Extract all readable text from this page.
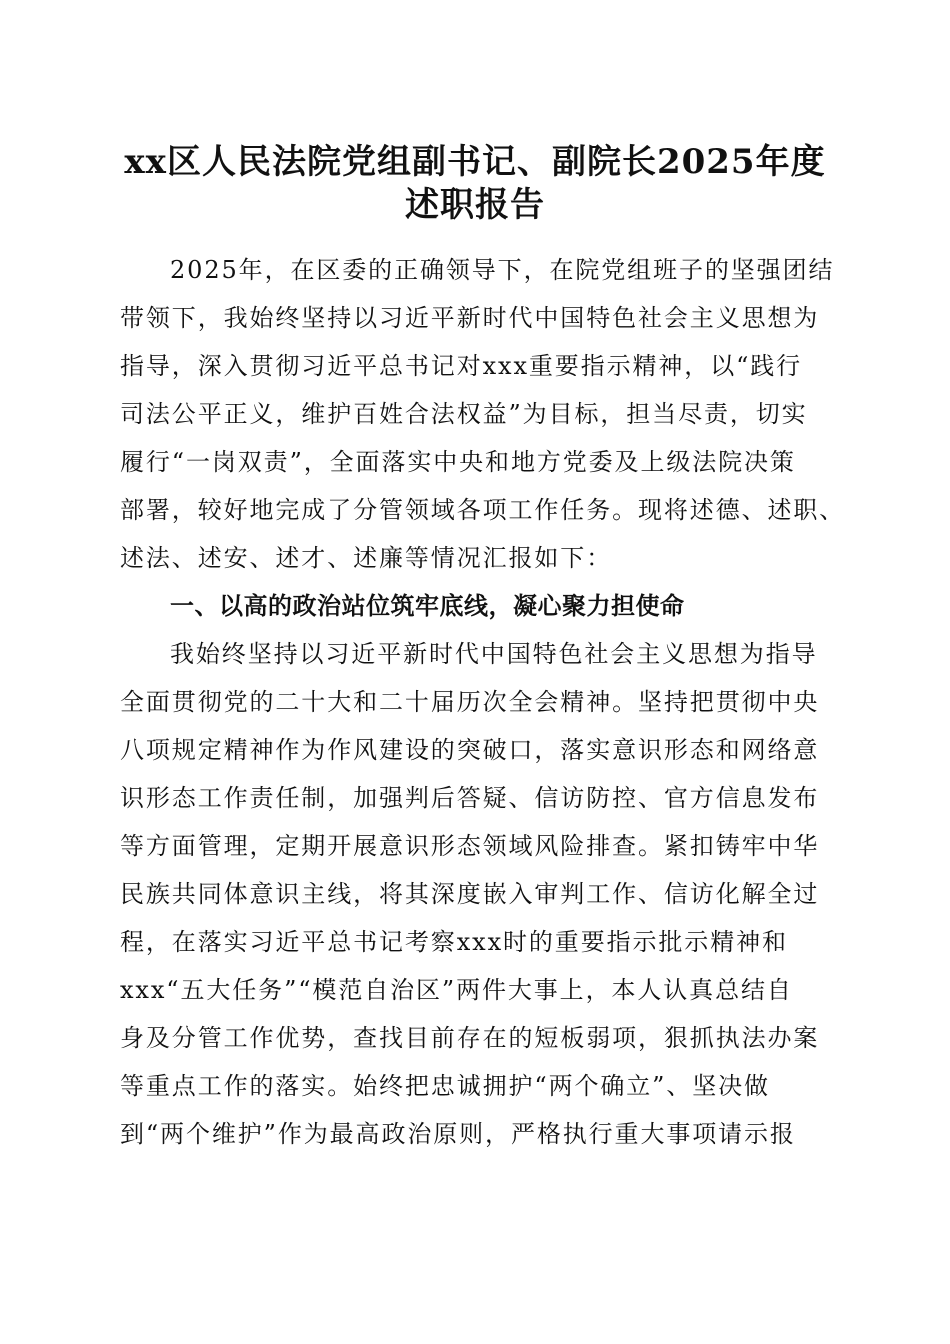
xx区人民法院党组副书记、副院长2025年度
述职报告
2025年，在区委的正确领导下，在院党组班子的坚强团结
带领下，我始终坚持以习近平新时代中国特色社会主义思想为
指导，深入贯彻习近平总书记对xxx重要指示精神，以“践行
司法公平正义，维护百姓合法权益”为目标，担当尽责，切实
履行“一岗双责”，全面落实中央和地方党委及上级法院决策
部署，较好地完成了分管领域各项工作任务。现将述德、述职、
述法、述安、述才、述廉等情况汇报如下：
一、以高的政治站位筑牢底线，凝心聚力担使命
我始终坚持以习近平新时代中国特色社会主义思想为指导
全面贯彻党的二十大和二十届历次全会精神。坚持把贯彻中央
八项规定精神作为作风建设的突破口，落实意识形态和网络意
识形态工作责任制，加强判后答疑、信访防控、官方信息发布
等方面管理，定期开展意识形态领域风险排查。紧扣铸牢中华
民族共同体意识主线，将其深度嵌入审判工作、信访化解全过
程，在落实习近平总书记考察xxx时的重要指示批示精神和
xxx“五大任务”“模范自治区”两件大事上，本人认真总结自
身及分管工作优势，查找目前存在的短板弱项，狠抓执法办案
等重点工作的落实。始终把忠诚拥护“两个确立”、坚决做
到“两个维护”作为最高政治原则，严格执行重大事项请示报
